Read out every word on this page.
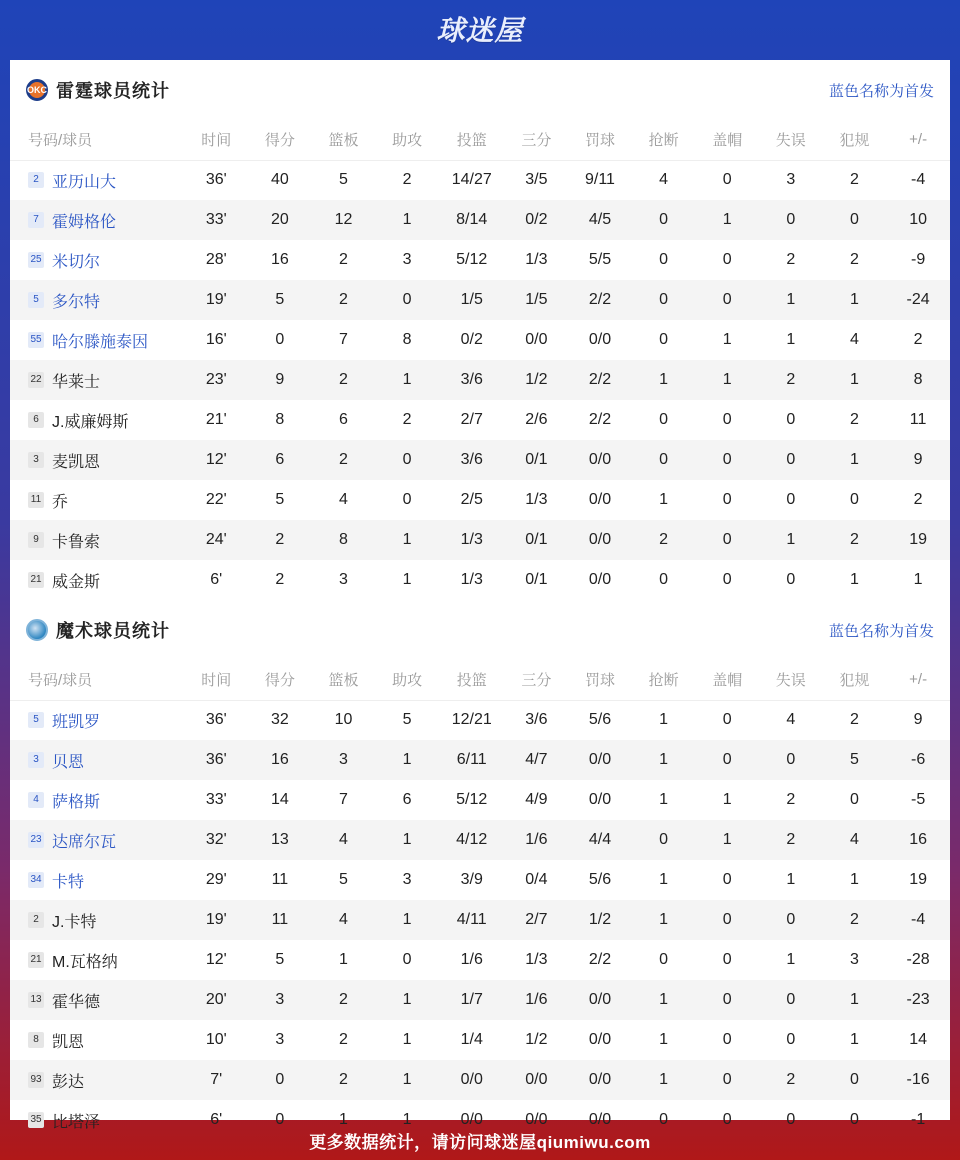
球迷屋
OKC 雷霆球员统计	蓝色名称为首发
号码/球员	时间	得分	篮板	助攻	投篮	三分	罚球	抢断	盖帽	失误	犯规	+/-
2 亚历山大	36'	40	5	2	14/27	3/5	9/11	4	0	3	2	-4
7 霍姆格伦	33'	20	12	1	8/14	0/2	4/5	0	1	0	0	10
25 米切尔	28'	16	2	3	5/12	1/3	5/5	0	0	2	2	-9
5 多尔特	19'	5	2	0	1/5	1/5	2/2	0	0	1	1	-24
55 哈尔滕施泰因	16'	0	7	8	0/2	0/0	0/0	0	1	1	4	2
22 华莱士	23'	9	2	1	3/6	1/2	2/2	1	1	2	1	8
6 J.威廉姆斯	21'	8	6	2	2/7	2/6	2/2	0	0	0	2	11
3 麦凯恩	12'	6	2	0	3/6	0/1	0/0	0	0	0	1	9
11 乔	22'	5	4	0	2/5	1/3	0/0	1	0	0	0	2
9 卡鲁索	24'	2	8	1	1/3	0/1	0/0	2	0	1	2	19
21 威金斯	6'	2	3	1	1/3	0/1	0/0	0	0	0	1	1
魔术球员统计	蓝色名称为首发
号码/球员	时间	得分	篮板	助攻	投篮	三分	罚球	抢断	盖帽	失误	犯规	+/-
5 班凯罗	36'	32	10	5	12/21	3/6	5/6	1	0	4	2	9
3 贝恩	36'	16	3	1	6/11	4/7	0/0	1	0	0	5	-6
4 萨格斯	33'	14	7	6	5/12	4/9	0/0	1	1	2	0	-5
23 达席尔瓦	32'	13	4	1	4/12	1/6	4/4	0	1	2	4	16
34 卡特	29'	11	5	3	3/9	0/4	5/6	1	0	1	1	19
2 J.卡特	19'	11	4	1	4/11	2/7	1/2	1	0	0	2	-4
21 M.瓦格纳	12'	5	1	0	1/6	1/3	2/2	0	0	1	3	-28
13 霍华德	20'	3	2	1	1/7	1/6	0/0	1	0	0	1	-23
8 凯恩	10'	3	2	1	1/4	1/2	0/0	1	0	0	1	14
93 彭达	7'	0	2	1	0/0	0/0	0/0	1	0	2	0	-16
35 比塔泽	6'	0	1	1	0/0	0/0	0/0	0	0	0	0	-1
更多数据统计，请访问球迷屋qiumiwu.com
